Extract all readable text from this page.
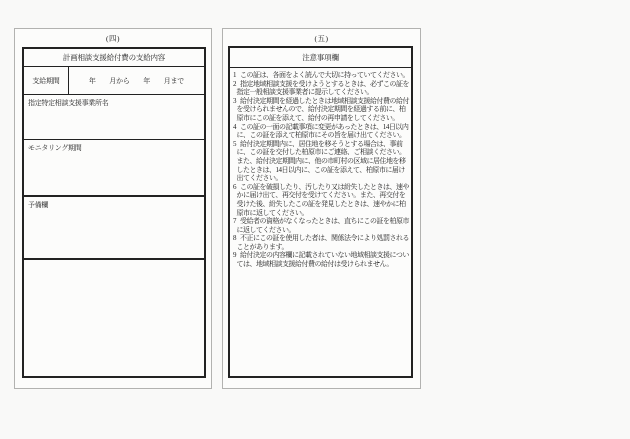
(四)
計画相談支援給付費の支給内容
支給期間	年　　月から　　年　　月まで
指定特定相談支援事業所名
モニタリング期間
予備欄
(五)
注意事項欄
1 この証は、各面をよく読んで大切に持っていてください。
2 指定地域相談支援を受けようとするときは、必ずこの証を指定一般相談支援事業者に提示してください。
3 給付決定期間を経過したときは地域相談支援給付費の給付を受けられませんので、給付決定期間を経過する前に、柏原市にこの証を添えて、給付の再申請をしてください。
4 この証の一面の記載事項に変更があったときは、14日以内に、この証を添えて柏原市にその旨を届け出てください。
5 給付決定期間内に、居住地を移そうとする場合は、事前に、この証を交付した柏原市にご連絡、ご相談ください。また、給付決定期間内に、他の市町村の区域に居住地を移したときは、14日以内に、この証を添えて、柏原市に届け出てください。
6 この証を破損したり、汚したり又は紛失したときは、速やかに届け出て、再交付を受けてください。また、再交付を受けた後、紛失したこの証を発見したときは、速やかに柏原市に返してください。
7 受給者の資格がなくなったときは、直ちにこの証を柏原市に返してください。
8 不正にこの証を使用した者は、関係法令により処罰されることがあります。
9 給付決定の内容欄に記載されていない地域相談支援については、地域相談支援給付費の給付は受けられません。
